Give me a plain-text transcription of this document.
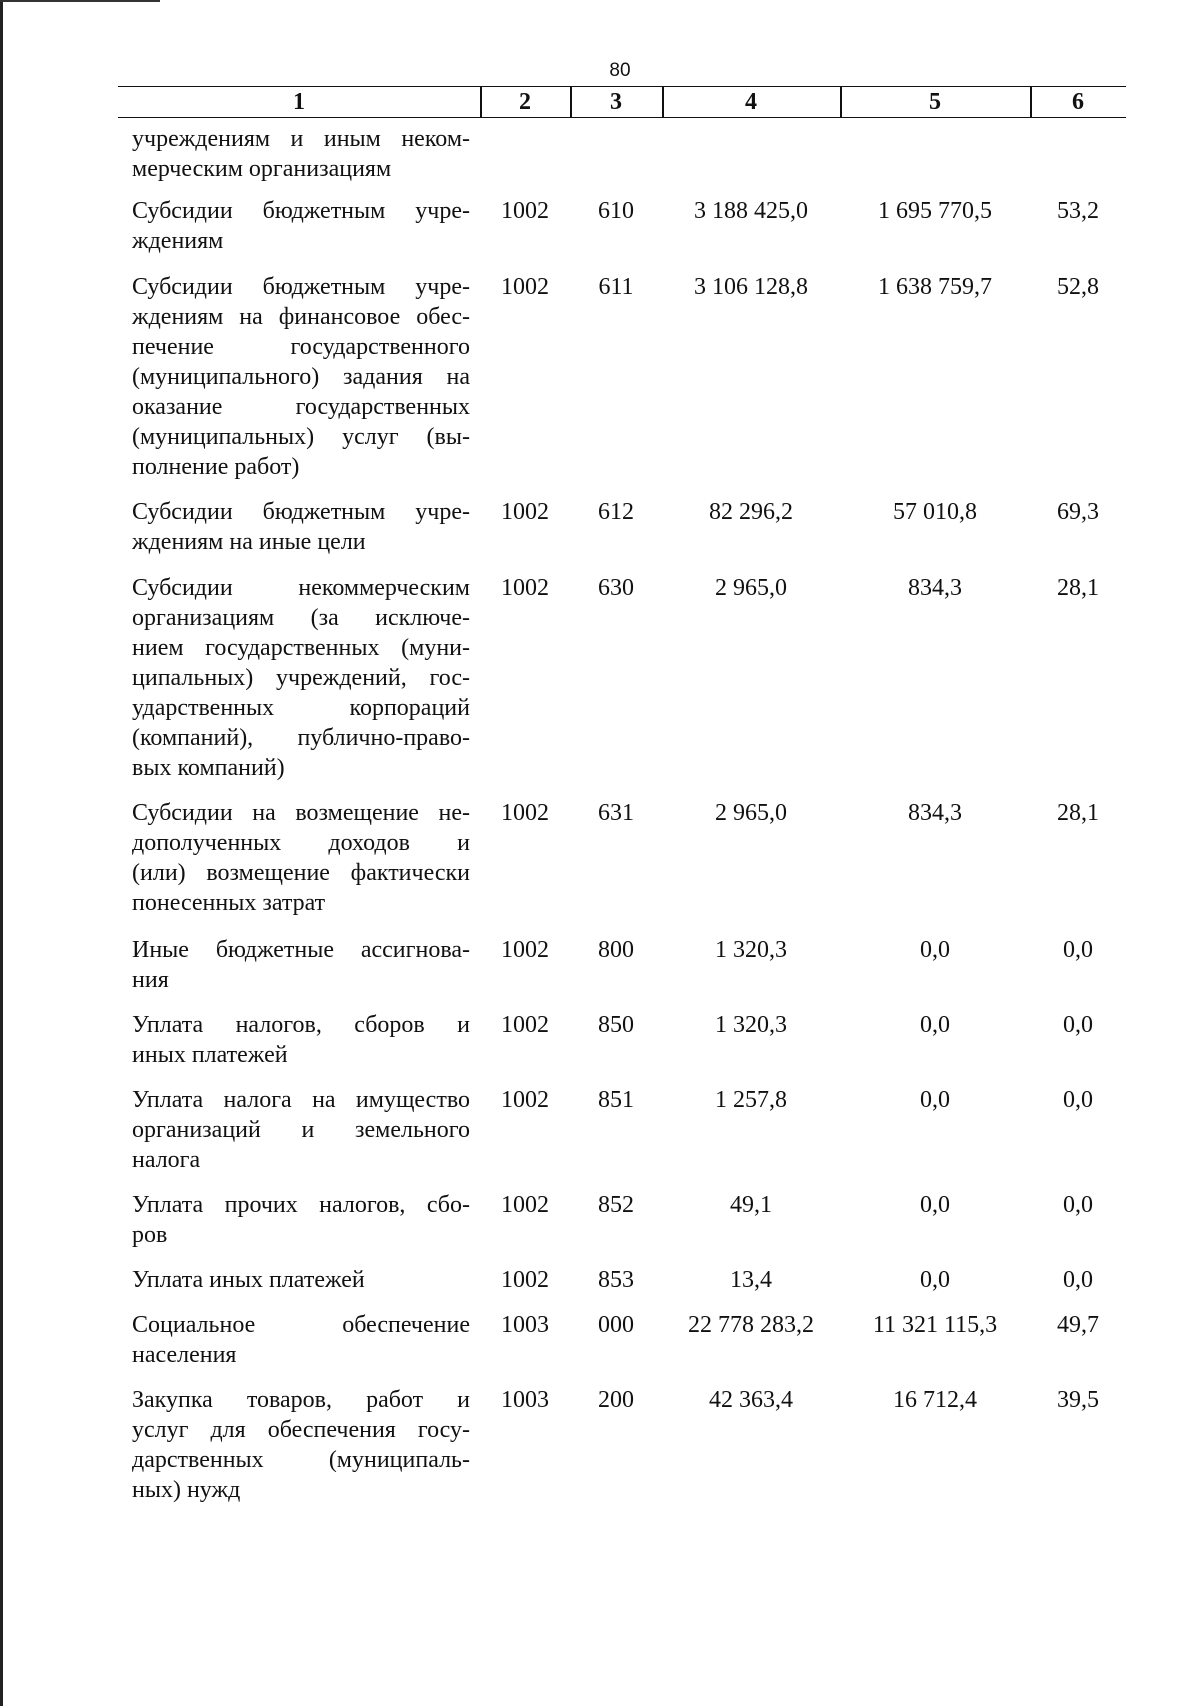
80
1	2	3	4	5	6
учреждениям и иным неком-
мерческим организациям
Субсидии бюджетным учре-
ждениям
1002	610	3 188 425,0	1 695 770,5	53,2
Субсидии бюджетным учре-
ждениям на финансовое обес-
печение государственного
(муниципального) задания на
оказание государственных
(муниципальных) услуг (вы-
полнение работ)
1002	611	3 106 128,8	1 638 759,7	52,8
Субсидии бюджетным учре-
ждениям на иные цели
1002	612	82 296,2	57 010,8	69,3
Субсидии некоммерческим
организациям (за исключе-
нием государственных (муни-
ципальных) учреждений, гос-
ударственных корпораций
(компаний), публично-право-
вых компаний)
1002	630	2 965,0	834,3	28,1
Субсидии на возмещение не-
дополученных доходов и
(или) возмещение фактически
понесенных затрат
1002	631	2 965,0	834,3	28,1
Иные бюджетные ассигнова-
ния
1002	800	1 320,3	0,0	0,0
Уплата налогов, сборов и
иных платежей
1002	850	1 320,3	0,0	0,0
Уплата налога на имущество
организаций и земельного
налога
1002	851	1 257,8	0,0	0,0
Уплата прочих налогов, сбо-
ров
1002	852	49,1	0,0	0,0
Уплата иных платежей	1002	853	13,4	0,0	0,0
Социальное обеспечение
населения
1003	000	22 778 283,2	11 321 115,3	49,7
Закупка товаров, работ и
услуг для обеспечения госу-
дарственных (муниципаль-
ных) нужд
1003	200	42 363,4	16 712,4	39,5
